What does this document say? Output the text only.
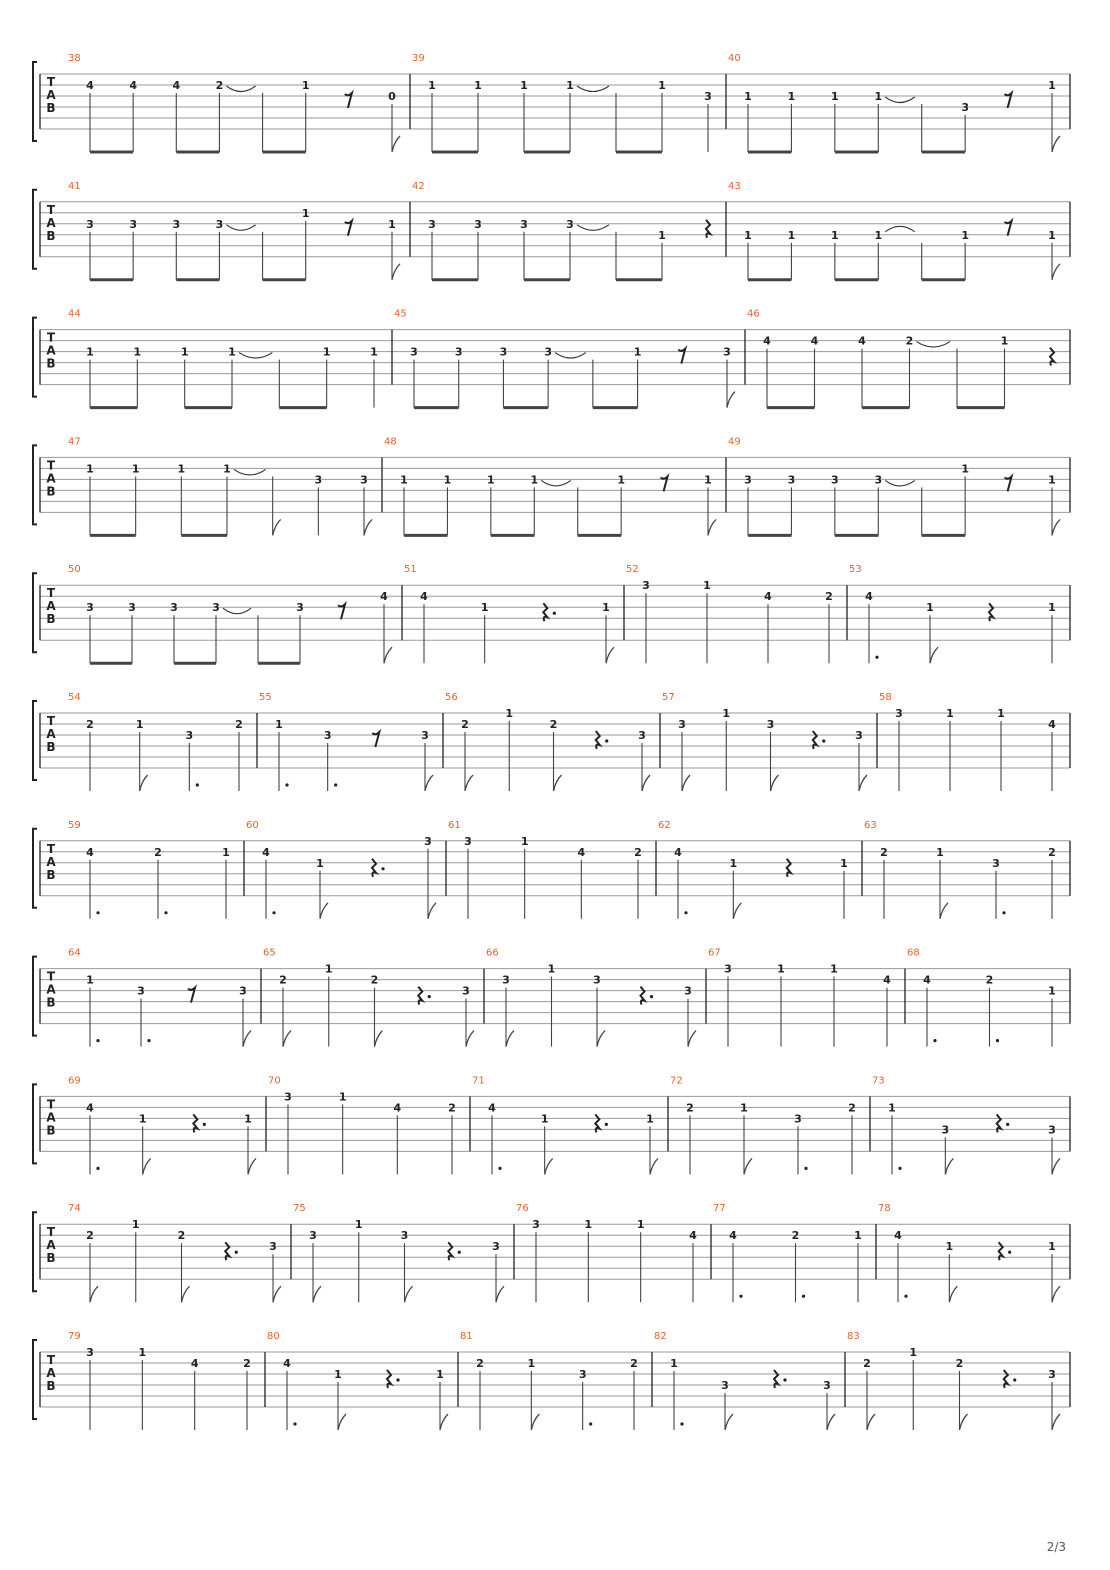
T
A
B
38
4	4	4	2	1
0
39
1	1	1	1	1
3
40
1	1	1	1
3
1
T
A
B
41
3	3	3	3
1
1
42
3	3	3	3
1
43
1	1	1	1	1	1
T
A
B
44
1	1	1	1	1	1
45
3	3	3	3	1	3
46
4	4	4	2	1
T
A
B
47
1	1	1	1
3	3
48
1	1	1	1	1	1
49
3	3	3	3
1
1
T
A
B
50
3	3	3	3	3
4
51
4
1	1
52
3	1
4	2
53
4
1	1
T
A
B
54
2	1
3
2
55
1
3	3
56
2
1
2
3
57
3
1
3
3
58
3	1	1
4
T
A
B
59
4	2	1
60
4
1
3
61
3	1
4	2
62
4
1	1
63
2	1
3
2
T
A
B
64
1
3	3
65
2
1
2
3
66
3
1
3
3
67
3	1	1
4
68
4	2
1
T
A
B
69
4
1	1
70
3	1
4	2
71
4
1	1
72
2	1
3
2
73
1
3	3
T
A
B
74
2
1
2
3
75
3
1
3
3
76
3	1	1
4
77
4	2	1
78
4
1	1
T
A
B
79
3	1
4	2
80
4
1	1
81
2	1
3
2
82
1
3	3
83
2
1
2
3
2/3
